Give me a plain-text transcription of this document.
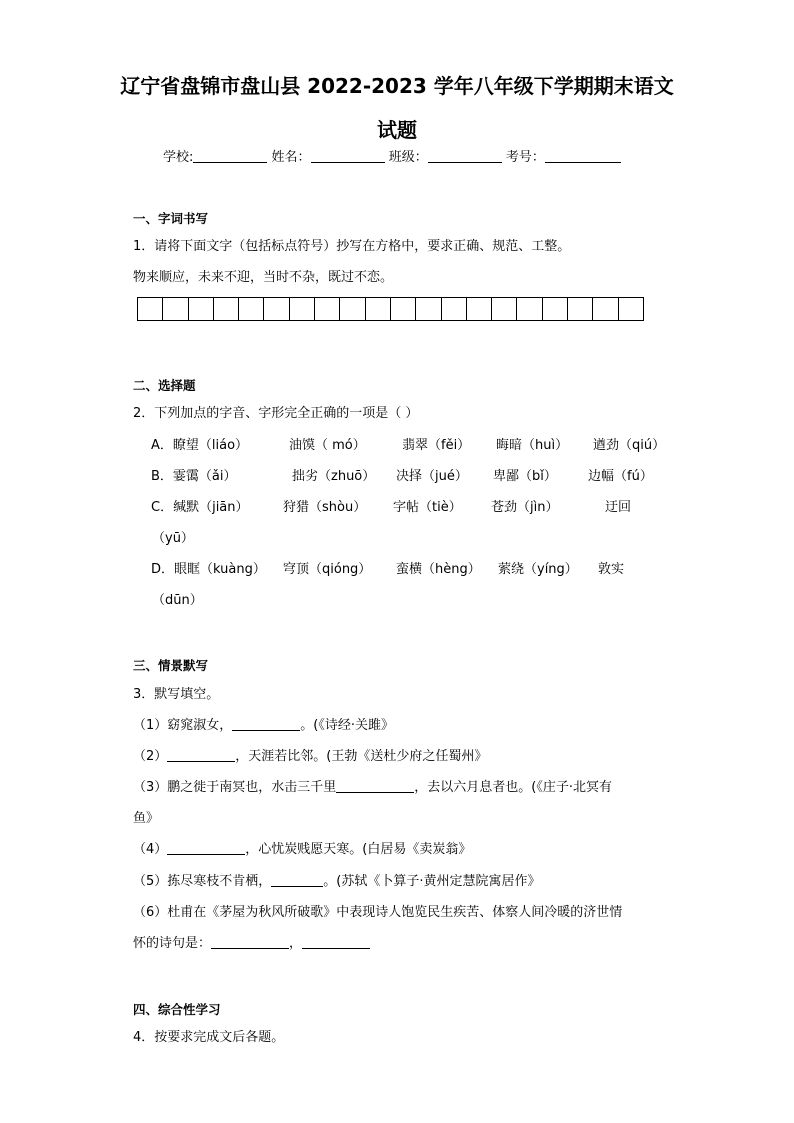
辽宁省盘锦市盘山县 2022-2023 学年八年级下学期期末语文
试题
学校:	姓名：	班级：	考号：
一、字词书写
1．请将下面文字（包括标点符号）抄写在方格中，要求正确、规范、工整。
物来顺应，未来不迎，当时不杂，既过不恋。
二、选择题
2．下列加点的字音、字形完全正确的一项是（ ）
A．瞭望（liáo）	油馍（ mó）	翡翠（fěi） 晦暗（huì） 遒劲（qiú）
B．霎霭（ǎi）	拙劣（zhuō） 决择（jué） 卑鄙（bǐ） 边幅（fú）
C．缄默（jiān）	狩猎（shòu） 字帖（tiè） 苍劲（jìn）	迂回
（yū）
D．眼眶（kuàng） 穹顶（qióng） 蛮横（hèng） 萦绕（yíng） 敦实
（dūn）
三、情景默写
3．默写填空。
（1）窈窕淑女，	。(《诗经·关雎》
（2）	，天涯若比邻。(王勃《送杜少府之任蜀州》
（3）鹏之徙于南冥也，水击三千里	，去以六月息者也。(《庄子·北冥有
鱼》
（4）	，心忧炭贱愿天寒。(白居易《卖炭翁》
（5）拣尽寒枝不肯栖，	。(苏轼《卜算子·黄州定慧院寓居作》
（6）杜甫在《茅屋为秋风所破歌》中表现诗人饱览民生疾苦、体察人间冷暖的济世情
怀的诗句是：	，
四、综合性学习
4．按要求完成文后各题。
